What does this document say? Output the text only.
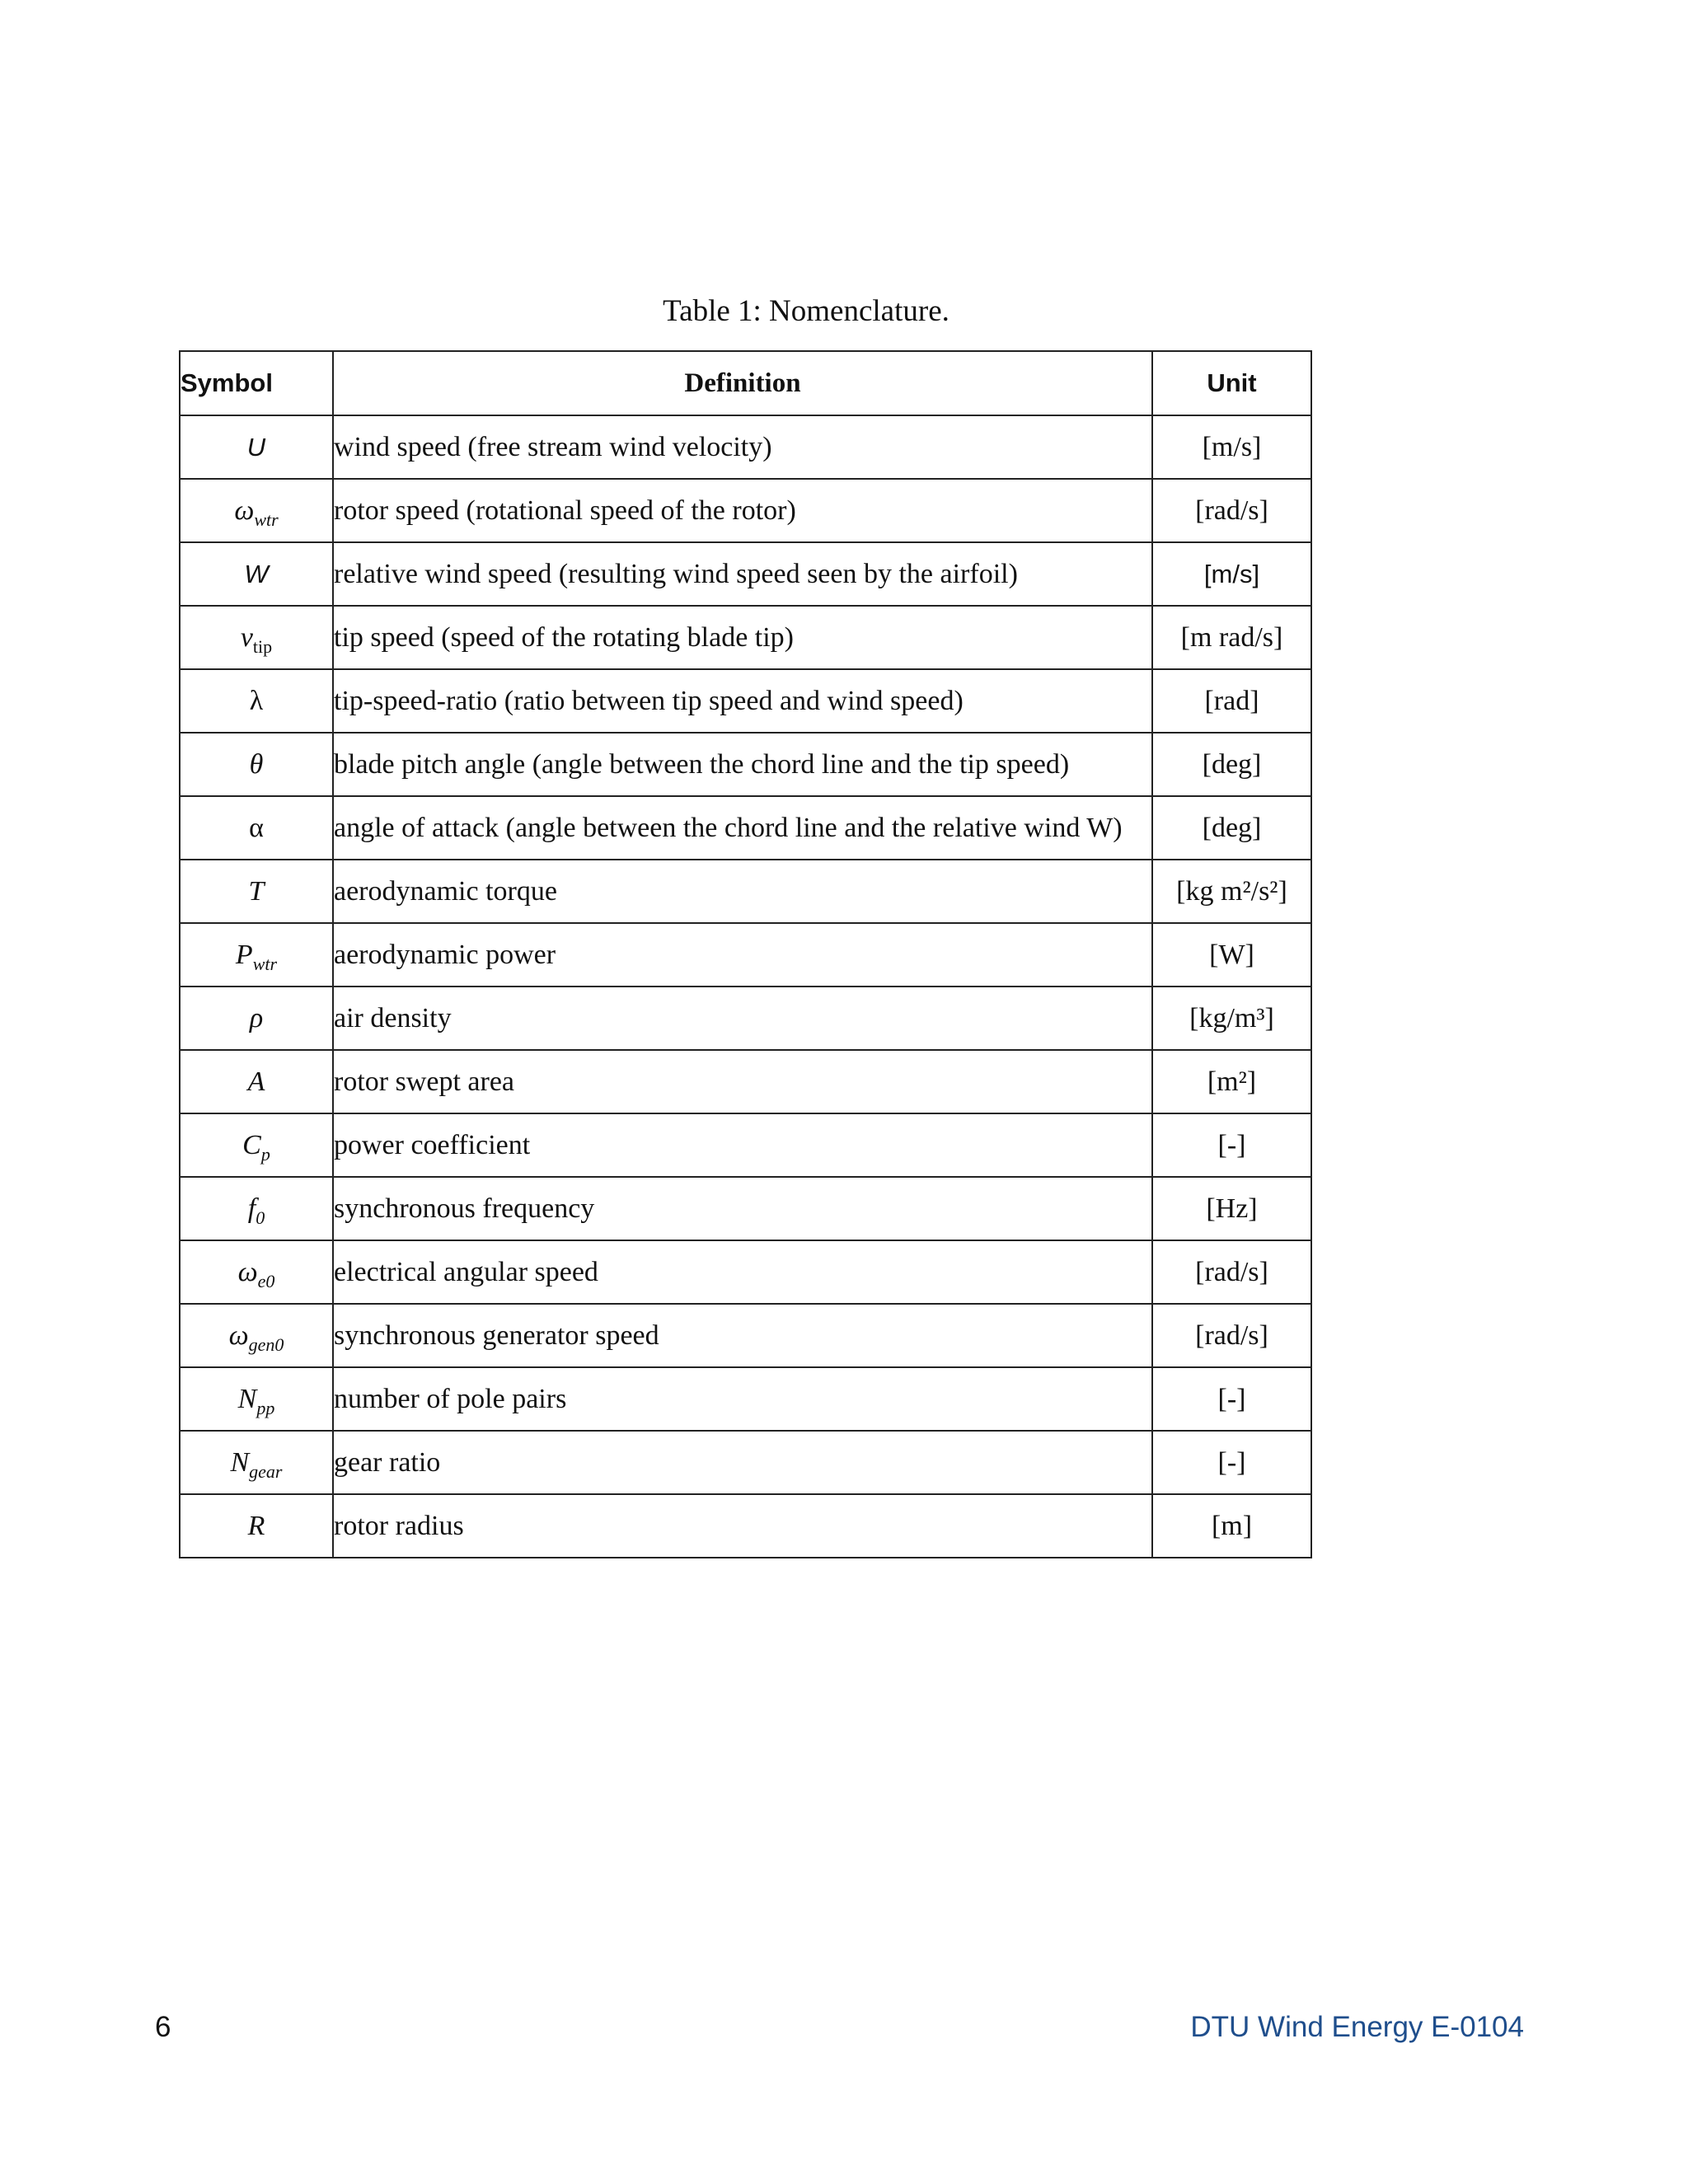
Table 1: Nomenclature.
Symbol	Definition	Unit
U	wind speed (free stream wind velocity)	[m/s]
$\omega_{wtr}$	rotor speed (rotational speed of the rotor)	[rad/s]
W	relative wind speed (resulting wind speed seen by the airfoil)	[m/s]
$v_{tip}$	tip speed (speed of the rotating blade tip)	[m rad/s]
λ	tip-speed-ratio (ratio between tip speed and wind speed)	[rad]
θ	blade pitch angle (angle between the chord line and the tip speed)	[deg]
α	angle of attack (angle between the chord line and the relative wind W)	[deg]
T	aerodynamic torque	[kg m²/s²]
$P_{wtr}$	aerodynamic power	[W]
ρ	air density	[kg/m³]
A	rotor swept area	[m²]
$C_p$	power coefficient	[-]
$f_0$	synchronous frequency	[Hz]
$\omega_{e0}$	electrical angular speed	[rad/s]
$\omega_{gen0}$	synchronous generator speed	[rad/s]
$N_{pp}$	number of pole pairs	[-]
$N_{gear}$	gear ratio	[-]
R	rotor radius	[m]
6	DTU Wind Energy E-0104
